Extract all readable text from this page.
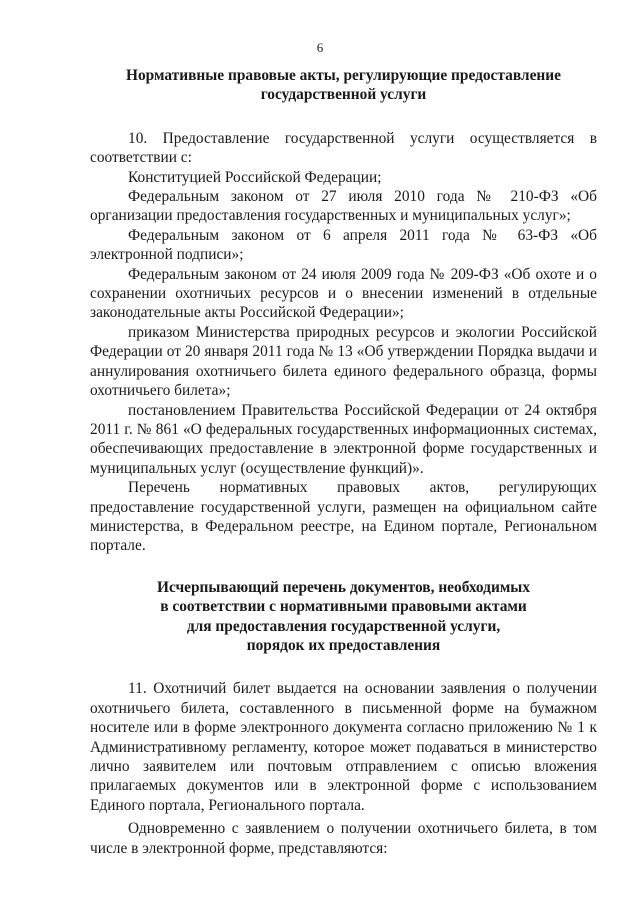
6
Нормативные правовые акты, регулирующие предоставление
государственной услуги

10. Предоставление государственной услуги осуществляется в соответствии с:

Конституцией Российской Федерации;

Федеральным законом от 27 июля 2010 года № 210-ФЗ «Об организации предоставления государственных и муниципальных услуг»;

Федеральным законом от 6 апреля 2011 года № 63-ФЗ «Об электронной подписи»;

Федеральным законом от 24 июля 2009 года № 209-ФЗ «Об охоте и о сохранении охотничьих ресурсов и о внесении изменений в отдельные законодательные акты Российской Федерации»;

приказом Министерства природных ресурсов и экологии Российской Федерации от 20 января 2011 года № 13 «Об утверждении Порядка выдачи и аннулирования охотничьего билета единого федерального образца, формы охотничьего билета»;

постановлением Правительства Российской Федерации от 24 октября 2011 г. № 861 «О федеральных государственных информационных системах, обеспечивающих предоставление в электронной форме государственных и муниципальных услуг (осуществление функций)».

Перечень нормативных правовых актов, регулирующих предоставление государственной услуги, размещен на официальном сайте министерства, в Федеральном реестре, на Едином портале, Региональном портале.

Исчерпывающий перечень документов, необходимых
в соответствии с нормативными правовыми актами
для предоставления государственной услуги,
порядок их предоставления

11. Охотничий билет выдается на основании заявления о получении охотничьего билета, составленного в письменной форме на бумажном носителе или в форме электронного документа согласно приложению № 1 к Административному регламенту, которое может подаваться в министерство лично заявителем или почтовым отправлением с описью вложения прилагаемых документов или в электронной форме с использованием Единого портала, Регионального портала.

Одновременно с заявлением о получении охотничьего билета, в том числе в электронной форме, представляются:
